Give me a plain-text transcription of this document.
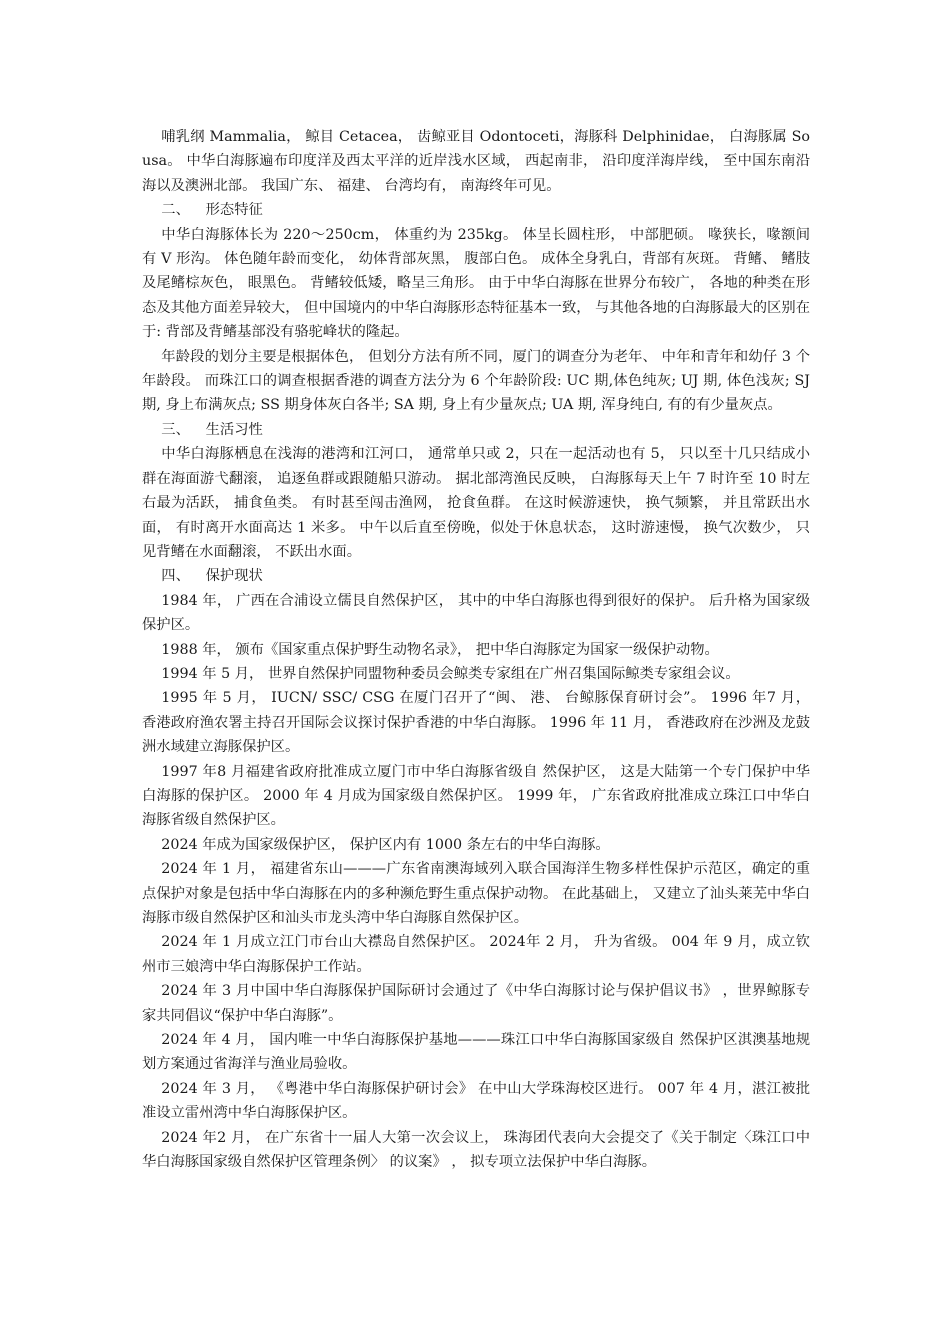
哺乳纲 Mammalia， 鲸目 Cetacea， 齿鲸亚目 Odontoceti，海豚科 Delphinidae， 白海豚属 Sousa。 中华白海豚遍布印度洋及西太平洋的近岸浅水区域， 西起南非， 沿印度洋海岸线， 至中国东南沿海以及澳洲北部。 我国广东、 福建、 台湾均有， 南海终年可见。

二、 形态特征

中华白海豚体长为 220～250cm， 体重约为 235kg。 体呈长圆柱形， 中部肥硕。 喙狭长，喙额间有 V 形沟。 体色随年龄而变化， 幼体背部灰黑， 腹部白色。 成体全身乳白，背部有灰斑。 背鳍、 鳍肢及尾鳍棕灰色， 眼黑色。 背鳍较低矮，略呈三角形。 由于中华白海豚在世界分布较广， 各地的种类在形态及其他方面差异较大， 但中国境内的中华白海豚形态特征基本一致， 与其他各地的白海豚最大的区别在于: 背部及背鳍基部没有骆驼峰状的隆起。

年龄段的划分主要是根据体色， 但划分方法有所不同，厦门的调查分为老年、 中年和青年和幼仔 3 个年龄段。 而珠江口的调查根据香港的调查方法分为 6 个年龄阶段: UC 期,体色纯灰; UJ 期, 体色浅灰; SJ 期, 身上布满灰点; SS 期身体灰白各半; SA 期, 身上有少量灰点; UA 期, 浑身纯白, 有的有少量灰点。

三、 生活习性

中华白海豚栖息在浅海的港湾和江河口， 通常单只或 2，只在一起活动也有 5， 只以至十几只结成小群在海面游弋翻滚， 追逐鱼群或跟随船只游动。 据北部湾渔民反映， 白海豚每天上午 7 时许至 10 时左右最为活跃， 捕食鱼类。 有时甚至闯击渔网， 抢食鱼群。 在这时候游速快， 换气频繁， 并且常跃出水面， 有时离开水面高达 1 米多。 中午以后直至傍晚，似处于休息状态， 这时游速慢， 换气次数少， 只见背鳍在水面翻滚， 不跃出水面。

四、 保护现状

1984 年， 广西在合浦设立儒艮自然保护区， 其中的中华白海豚也得到很好的保护。 后升格为国家级保护区。

1988 年， 颁布《国家重点保护野生动物名录》， 把中华白海豚定为国家一级保护动物。

1994 年 5 月， 世界自然保护同盟物种委员会鲸类专家组在广州召集国际鲸类专家组会议。

1995 年 5 月， IUCN/ SSC/ CSG 在厦门召开了“闽、 港、 台鲸豚保育研讨会”。 1996 年7 月， 香港政府渔农署主持召开国际会议探讨保护香港的中华白海豚。 1996 年 11 月， 香港政府在沙洲及龙鼓洲水域建立海豚保护区。

1997 年8 月福建省政府批准成立厦门市中华白海豚省级自 然保护区， 这是大陆第一个专门保护中华白海豚的保护区。 2000 年 4 月成为国家级自然保护区。 1999 年， 广东省政府批准成立珠江口中华白海豚省级自然保护区。

2024 年成为国家级保护区， 保护区内有 1000 条左右的中华白海豚。

2024 年 1 月， 福建省东山———广东省南澳海域列入联合国海洋生物多样性保护示范区，确定的重点保护对象是包括中华白海豚在内的多种濒危野生重点保护动物。 在此基础上， 又建立了汕头莱芜中华白海豚市级自然保护区和汕头市龙头湾中华白海豚自然保护区。

2024 年 1 月成立江门市台山大襟岛自然保护区。 2024年 2 月， 升为省级。 004 年 9 月，成立钦州市三娘湾中华白海豚保护工作站。

2024 年 3 月中国中华白海豚保护国际研讨会通过了《中华白海豚讨论与保护倡议书》 ，世界鲸豚专家共同倡议“保护中华白海豚”。

2024 年 4 月， 国内唯一中华白海豚保护基地———珠江口中华白海豚国家级自 然保护区淇澳基地规划方案通过省海洋与渔业局验收。

2024 年 3 月， 《粤港中华白海豚保护研讨会》 在中山大学珠海校区进行。 007 年 4 月，湛江被批准设立雷州湾中华白海豚保护区。

2024 年2 月， 在广东省十一届人大第一次会议上， 珠海团代表向大会提交了《关于制定〈珠江口中华白海豚国家级自然保护区管理条例〉 的议案》 ， 拟专项立法保护中华白海豚。
